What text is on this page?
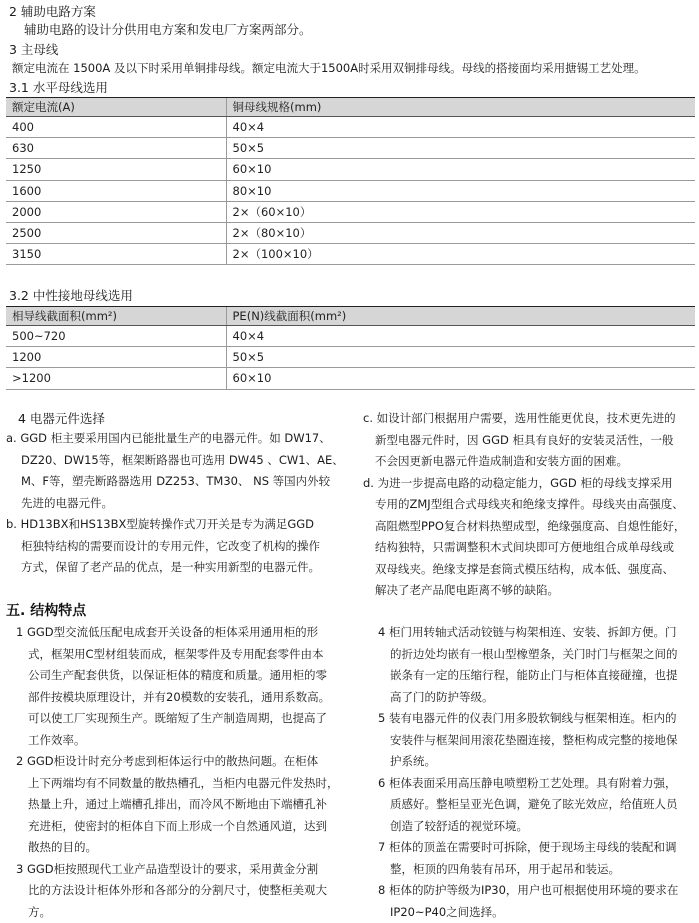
2 辅助电路方案
辅助电路的设计分供用电方案和发电厂方案两部分。
3 主母线
额定电流在 1500A 及以下时采用单铜排母线。额定电流大于1500A时采用双铜排母线。母线的搭接面均采用搪锡工艺处理。
3.1 水平母线选用
额定电流(A)	铜母线规格(mm)
400	40×4
630	50×5
1250	60×10
1600	80×10
2000	2×（60×10）
2500	2×（80×10）
3150	2×（100×10）
3.2 中性接地母线选用
相导线截面积(mm²)	PE(N)线截面积(mm²)
500~720	40×4
1200	50×5
>1200	60×10
4 电器元件选择
a. GGD 柜主要采用国内已能批量生产的电器元件。如 DW17、
DZ20、DW15等，框架断路器也可选用 DW45 、CW1、AE、
M、F等，塑壳断路器选用 DZ253、TM30、 NS 等国内外较
先进的电器元件。
b. HD13BX和HS13BX型旋转操作式刀开关是专为满足GGD
柜独特结构的需要而设计的专用元件，它改变了机构的操作
方式，保留了老产品的优点，是一种实用新型的电器元件。
c. 如设计部门根据用户需要，选用性能更优良，技术更先进的
新型电器元件时，因 GGD 柜具有良好的安装灵活性，一般
不会因更新电器元件造成制造和安装方面的困难。
d. 为进一步提高电路的动稳定能力，GGD 柜的母线支撑采用
专用的ZMJ型组合式母线夹和绝缘支撑件。母线夹由高强度、
高阻燃型PPO复合材料热塑成型，绝缘强度高、自熄性能好，
结构独特，只需调整积木式间块即可方便地组合成单母线或
双母线夹。绝缘支撑是套筒式模压结构，成本低、强度高、
解决了老产品爬电距离不够的缺陷。
五. 结构特点
1 GGD型交流低压配电成套开关设备的柜体采用通用柜的形
式，框架用C型材组装而成，框架零件及专用配套零件由本
公司生产配套供货，以保证柜体的精度和质量。通用柜的零
部件按模块原理设计，并有20模数的安装孔，通用系数高。
可以使工厂实现预生产。既缩短了生产制造周期，也提高了
工作效率。
2 GGD柜设计时充分考虑到柜体运行中的散热问题。在柜体
上下两端均有不同数量的散热槽孔，当柜内电器元件发热时，
热量上升，通过上端槽孔排出，而冷风不断地由下端槽孔补
充进柜，使密封的柜体自下而上形成一个自然通风道，达到
散热的目的。
3 GGD柜按照现代工业产品造型设计的要求，采用黄金分割
比的方法设计柜体外形和各部分的分割尺寸，使整柜美观大
方。
4 柜门用转轴式活动铰链与构架相连、安装、拆卸方便。门
的折边处均嵌有一根山型橡塑条，关门时门与框架之间的
嵌条有一定的压缩行程，能防止门与柜体直接碰撞，也提
高了门的防护等级。
5 装有电器元件的仪表门用多股软铜线与框架相连。柜内的
安装件与框架间用滚花垫圈连接，整柜构成完整的接地保
护系统。
6 柜体表面采用高压静电喷塑粉工艺处理。具有附着力强，
质感好。整柜呈亚光色调，避免了眩光效应，给值班人员
创造了较舒适的视觉环境。
7 柜体的顶盖在需要时可拆除，便于现场主母线的装配和调
整，柜顶的四角装有吊环，用于起吊和装运。
8 柜体的防护等级为IP30，用户也可根据使用环境的要求在
IP20~P40之间选择。
